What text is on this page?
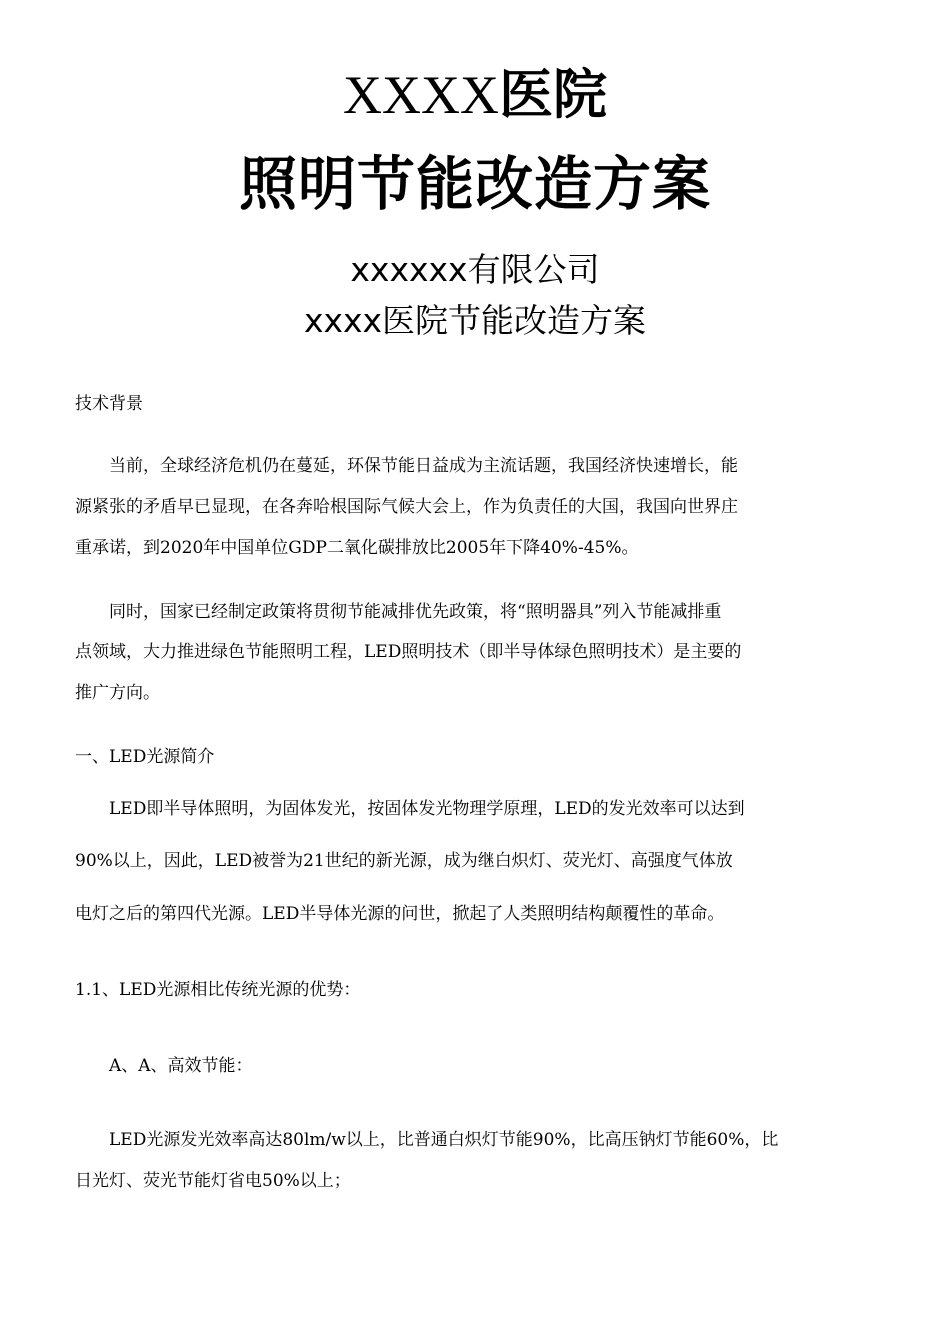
XXXX医院
照明节能改造方案
xxxxxx有限公司
xxxx医院节能改造方案
技术背景
　　当前，全球经济危机仍在蔓延，环保节能日益成为主流话题，我国经济快速增长，能
源紧张的矛盾早已显现，在各奔哈根国际气候大会上，作为负责任的大国，我国向世界庄
重承诺，到2020年中国单位GDP二氧化碳排放比2005年下降40%-45%。
　　同时，国家已经制定政策将贯彻节能减排优先政策，将“照明器具”列入节能减排重
点领域，大力推进绿色节能照明工程，LED照明技术（即半导体绿色照明技术）是主要的
推广方向。
一、LED光源简介
　　LED即半导体照明，为固体发光，按固体发光物理学原理，LED的发光效率可以达到
90%以上，因此，LED被誉为21世纪的新光源，成为继白炽灯、荧光灯、高强度气体放
电灯之后的第四代光源。LED半导体光源的问世，掀起了人类照明结构颠覆性的革命。
1.1、LED光源相比传统光源的优势：
　　A、A、高效节能：
　　LED光源发光效率高达80lm/w以上，比普通白炽灯节能90%，比高压钠灯节能60%，比
日光灯、荧光节能灯省电50%以上；
